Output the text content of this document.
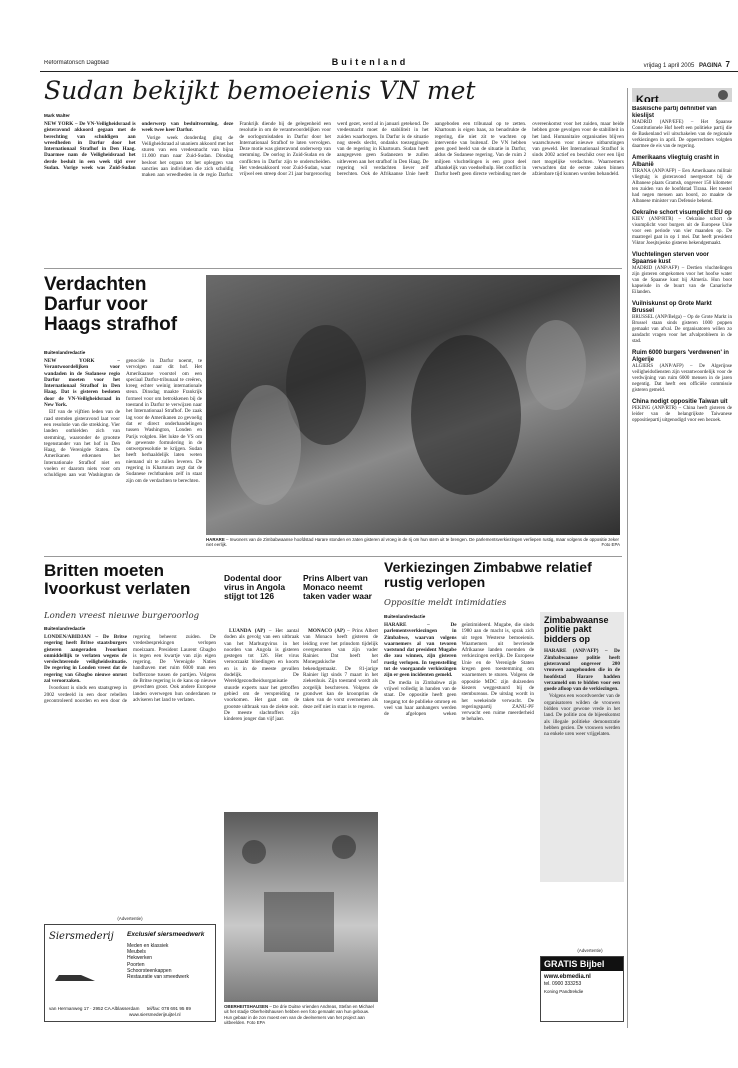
Reformatorisch Dagblad	Buitenland	vrijdag 1 april 2005 PAGINA 7
Sudan bekijkt bemoeienis VN met
Mark Walter

NEW YORK – De VN-Veiligheidsraad is gisteravond akkoord gegaan met de berechting van schuldigen aan wreedheden in Darfur door het Internationaal Strafhof in Den Haag. Daarmee nam de Veiligheidsraad het derde besluit in een week tijd over Sudan. Vorige week was Zuid-Sudan onderwerp van besluitvorming, deze week twee keer Darfur.

Vorige week donderdag ging de Veiligheidsraad al unaniem akkoord met het sturen van een vredesmacht van bijna 11.000 man naar Zuid-Sudan. Dinsdag besloot het orgaan tot het opleggen van sancties aan individuen die zich schuldig maken aan wreedheden in de regio Darfur. Frankrijk diende bij de gelegenheid een resolutie in om de verantwoordelijken voor de oorlogsmisdaden in Darfur door het Internationaal Strafhof te laten vervolgen. Deze motie was gisteravond onderwerp van stemming. De oorlog in Zuid-Sudan en de conflicten in Darfur zijn te onderscheiden. Het vredesakkoord voor Zuid-Sudan, waar vrijwel een streep door 21 jaar burgeroorlog werd gezet, werd al in januari getekend. De vredesmacht moet de stabiliteit in het zuiden waarborgen. In Darfur is de situatie nog steeds slecht, ondanks toezeggingen van de regering in Khartoum. Sudan heeft aangegeven geen Sudanezen te zullen uitleveren aan het strafhof in Den Haag. De regering wil verdachten liever zelf berechten. Ook de Afrikaanse Unie heeft aangeboden een tribunaal op te zetten. Khartoum is eigen baas, zo benadrukte de regering, die niet zit te wachten op interventie van buitenaf. De VN hebben geen goed beeld van de situatie in Darfur, aldus de Sudanese regering. Van de ruim 2 miljoen vluchtelingen is een groot deel afhankelijk van voedselhulp. Het conflict in Darfur heeft geen directe verbinding met de overeenkomst voor het zuiden, maar beide hebben grote gevolgen voor de stabiliteit in het land. Humanitaire organisaties blijven waarschuwen voor nieuwe uitbarstingen van geweld. Het Internationaal Strafhof is sinds 2002 actief en beschikt over een lijst met mogelijke verdachten. Waarnemers verwachten dat de eerste zaken binnen afzienbare tijd kunnen worden behandeld.

Kort
Baskische partij definitief van kieslijst
MADRID (ANP/EFE) – Het Spaanse Constitutionele Hof heeft een politieke partij die de Baskenland wil uitschakelen van de regionale verkiezingen in april. De opperrechters volgden daarmee de eis van de regering.
Amerikaans vliegtuig crasht in Albanië
TIRANA (ANP/AFP) – Een Amerikaans militair vliegtuig is gisteravond neergestort bij de Albanese plaats Gramsh, ongeveer 150 kilometer ten zuiden van de hoofdstad Tirana. Het toestel had negen mensen aan boord, zo maakte de Albanese minister van Defensie bekend.
Oekraïne schort visumplicht EU op
KIEV (ANP/RTR) – Oekraïne schort de visumplicht voor burgers uit de Europese Unie voor een periode van vier maanden op. De maatregel gaat in op 1 mei. Dat heeft president Viktor Joesjtsjenko gisteren bekendgemaakt.
Vluchtelingen sterven voor Spaanse kust
MADRID (ANP/AFP) – Dertien vluchtelingen zijn gisteren omgekomen voor het hoofse water van de Spaanse kust bij Almería. Hun boot kapseisde in de buurt van de Canarische Eilanden.
Vuilniskunst op Grote Markt Brussel
BRUSSEL (ANP/Belga) – Op de Grote Markt in Brussel staan sinds gisteren 1000 poppen gemaakt van afval. De organisatoren willen zo aandacht vragen voor het afvalprobleem in de stad.
Ruim 6000 burgers 'verdwenen' in Algerije
ALGIERS (ANP/AFP) – De Algerijnse veiligheidsdiensten zijn verantwoordelijk voor de verdwijning van ruim 6000 mensen in de jaren negentig. Dat heeft een officiële commissie gisteren gemeld.
China nodigt oppositie Taiwan uit
PEKING (ANP/RTR) – China heeft gisteren de leider van de belangrijkste Taiwanese oppositiepartij uitgenodigd voor een bezoek.
Verdachten Darfur voor Haags strafhof
Buitenlandredactie

NEW YORK – Verantwoordelijken voor wandaden in de Sudanese regio Darfur moeten voor het Internationaal Strafhof in Den Haag. Dat is gisteren besloten door de VN-Veiligheidsraad in New York.

Elf van de vijftien leden van de raad stemden gisteravond laat voor een resolutie van die strekking. Vier landen onthielden zich van stemming, waaronder de grootste tegenstander van het hof in Den Haag, de Verenigde Staten. De Amerikanen erkennen het Internationale Strafhof niet en voelen er daarom niets voor om schuldigen aan wat Washington de genocide in Darfur noemt, te vervolgen naar dit hof. Het Amerikaanse voorstel om een speciaal Darfur-tribunaal te creëren, kreeg echter weinig internationale steun. Dinsdag maakte Frankrijk formeel voor om betrokkenen bij de toestand in Darfur te verwijzen naar het Internationaal Strafhof. De zaak lag voor de Amerikanen zo gevoelig dat er direct onderhandelingen tussen Washington, Londen en Parijs volgden. Het lukte de VS om de gewenste formulering in de ontwerpresolutie te krijgen. Sudan heeft herhaaldelijk laten weten niemand uit te zullen leveren. De regering in Khartoum zegt dat de Sudanese rechtbanken zelf in staat zijn om de verdachten te berechten.

HARARE – Inwoners van de Zimbabwaanse hoofdstad Harare stonden en zaten gisteren al vroeg in de rij om hun stem uit te brengen. De parlementsverkiezingen verliepen rustig, maar volgens de oppositie zeker niet eerlijk.	Foto EPA
Britten moeten Ivoorkust verlaten
Londen vreest nieuwe burgeroorlog
Buitenlandredactie

LONDEN/ABIDJAN – De Britse regering heeft Britse staatsburgers gisteren aangeraden Ivoorkust onmiddellijk te verlaten wegens de verslechterende veiligheidssituatie. De regering in Londen vreest dat de regering van Gbagbo nieuwe onrust zal veroorzaken.

Ivoorkust is sinds een staatsgreep in 2002 verdeeld in een door rebellen gecontroleerd noorden en een door de regering beheerst zuiden. De vredesbesprekingen verlopen moeizaam. President Laurent Gbagbo is tegen een kwartje van zijn eigen regering. De Verenigde Naties handhaven met ruim 6000 man een bufferzone tussen de partijen. Volgens de Britse regering is de kans op nieuwe gevechten groot. Ook andere Europese landen overwegen hun onderdanen te adviseren het land te verlaten.

Dodental door virus in Angola stijgt tot 126

LUANDA (AP) – Het aantal doden als gevolg van een uitbraak van het Marburgvirus in het noorden van Angola is gisteren gestegen tot 126. Het virus veroorzaakt bloedingen en koorts en is in de meeste gevallen dodelijk. De Wereldgezondheidsorganisatie stuurde experts naar het getroffen gebied om de verspreiding te voorkomen. Het gaat om de grootste uitbraak van de ziekte ooit. De meeste slachtoffers zijn kinderen jonger dan vijf jaar.

Prins Albert van Monaco neemt taken vader waar

MONACO (AP) – Prins Albert van Monaco heeft gisteren de leiding over het prinsdom tijdelijk overgenomen van zijn vader Rainier. Dat heeft het Monegaskische hof bekendgemaakt. De 81-jarige Rainier ligt sinds 7 maart in het ziekenhuis. Zijn toestand wordt als zorgelijk beschreven. Volgens de grondwet kan de kroonprins de taken van de vorst overnemen als deze zelf niet in staat is te regeren.

OBERHEITSHAUSEN – De drie Duitse vrienden Andreas, Stefan en Michael uit het stadje Oberheitshausen hebben een foto gemaakt van hun gebouw. Hun gebaar in de zon moest een van de deelnemers van het project aan uitbeelden. Foto EPA
Verkiezingen Zimbabwe relatief rustig verlopen
Oppositie meldt intimidaties
Buitenlandredactie

HARARE – De parlementsverkiezingen in Zimbabwe, waarvan volgens waarnemers al van tevoren vaststond dat president Mugabe die zou winnen, zijn gisteren rustig verlopen. In tegenstelling tot de voorgaande verkiezingen zijn er geen incidenten gemeld.

De media in Zimbabwe zijn vrijwel volledig in handen van de staat. De oppositie heeft geen toegang tot de publieke omroep en veel van haar aanhangers werden de afgelopen weken geïntimideerd. Mugabe, die sinds 1980 aan de macht is, sprak zich uit tegen Westerse bemoeienis. Waarnemers uit bevriende Afrikaanse landen noemden de verkiezingen eerlijk. De Europese Unie en de Verenigde Staten kregen geen toestemming om waarnemers te sturen. Volgens de oppositie MDC zijn duizenden kiezers weggestuurd bij de stembureaus. De uitslag wordt in het weekeinde verwacht. De regeringspartij ZANU-PF verwacht een ruime meerderheid te behalen.

Zimbabwaanse politie pakt bidders op

HARARE (ANP/AFP) – De Zimbabwaanse politie heeft gisteravond ongeveer 200 vrouwen aangehouden die in de hoofdstad Harare hadden verzameld om te bidden voor een goede afloop van de verkiezingen.

Volgens een woordvoerder van de organisatoren wilden de vrouwen bidden voor gewone vrede in het land. De politie zou de bijeenkomst als illegale politieke demonstratie hebben gezien. De vrouwen werden na enkele uren weer vrijgelaten.

(Advertentie)
Siersmederij Exclusief siersmeedwerk
Meden en klassiek
Meubels
Hekwerken
Poorten
Schoorsteenkappen
Restauratie van smeedwerk
van Hermanweg 17 · 2952 CA Alblasserdam tel/fax: 078 691 95 89
www.siersmederijruijtel.nl
(Advertentie)
GRATIS Bijbel
www.ebmedia.nl
tel. 0900 333253
Koning Pandtrekdie
